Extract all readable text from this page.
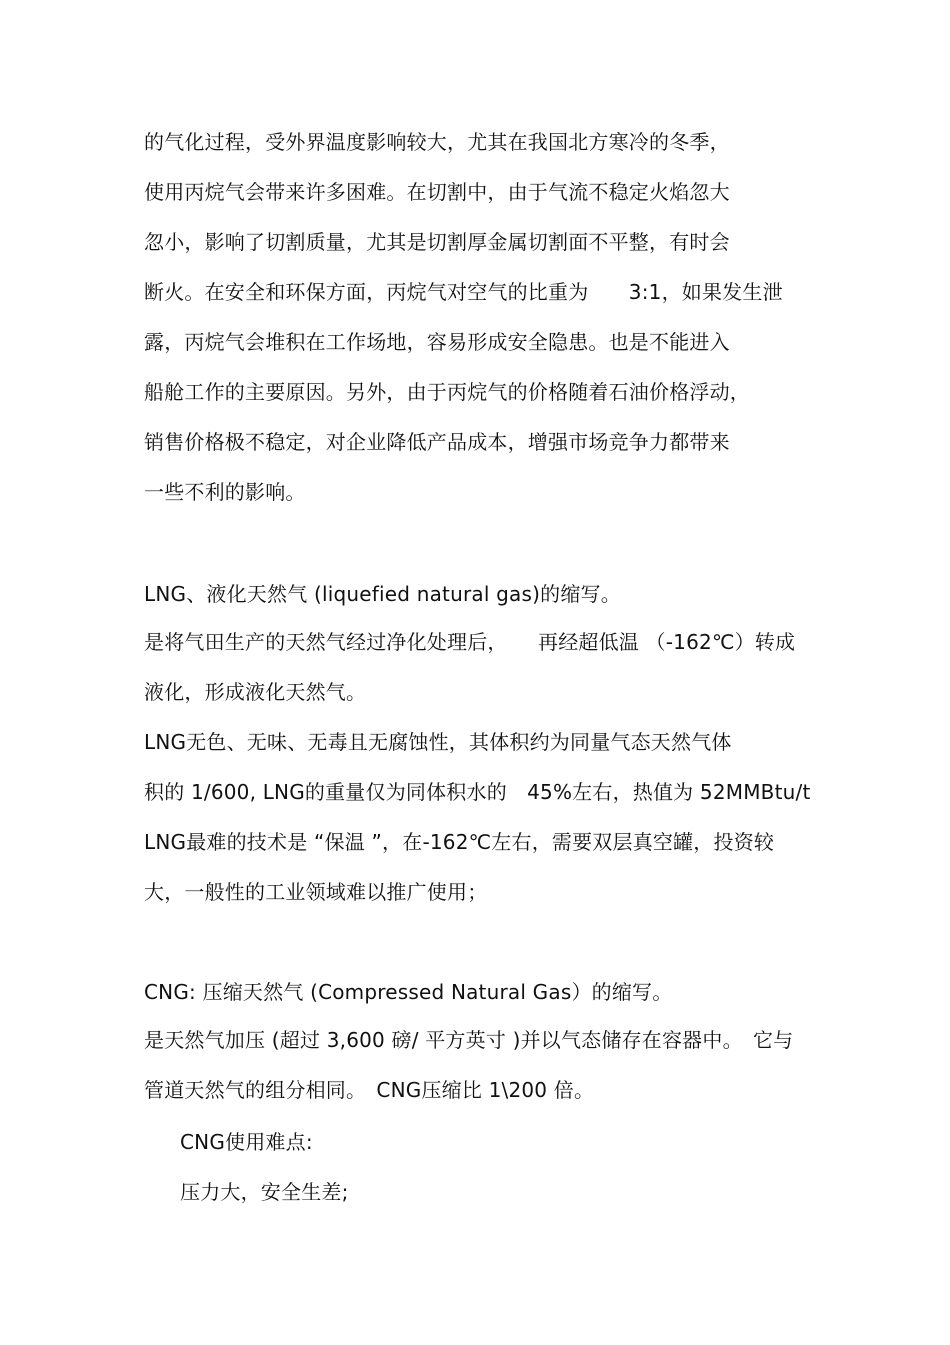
的气化过程，受外界温度影响较大，尤其在我国北方寒冷的冬季，
使用丙烷气会带来许多困难。在切割中，由于气流不稳定火焰忽大
忽小，影响了切割质量，尤其是切割厚金属切割面不平整，有时会
断火。在安全和环保方面，丙烷气对空气的比重为　　3:1，如果发生泄
露，丙烷气会堆积在工作场地，容易形成安全隐患。也是不能进入
船舱工作的主要原因。另外，由于丙烷气的价格随着石油价格浮动，
销售价格极不稳定，对企业降低产品成本，增强市场竞争力都带来
一些不利的影响。
LNG、液化天然气 (liquefied natural gas)的缩写。
是将气田生产的天然气经过净化处理后，　　再经超低温 （-162℃）转成
液化，形成液化天然气。
LNG无色、无味、无毒且无腐蚀性，其体积约为同量气态天然气体
积的 1/600, LNG的重量仅为同体积水的　45%左右，热值为 52MMBtu/t
LNG最难的技术是 “保温 ”，在-162℃左右，需要双层真空罐，投资较
大，一般性的工业领域难以推广使用；
CNG: 压缩天然气 (Compressed Natural Gas）的缩写。
是天然气加压 (超过 3,600 磅/ 平方英寸 )并以气态储存在容器中。　它与
管道天然气的组分相同。　CNG压缩比 1\200 倍。
CNG使用难点:
压力大，安全生差;
